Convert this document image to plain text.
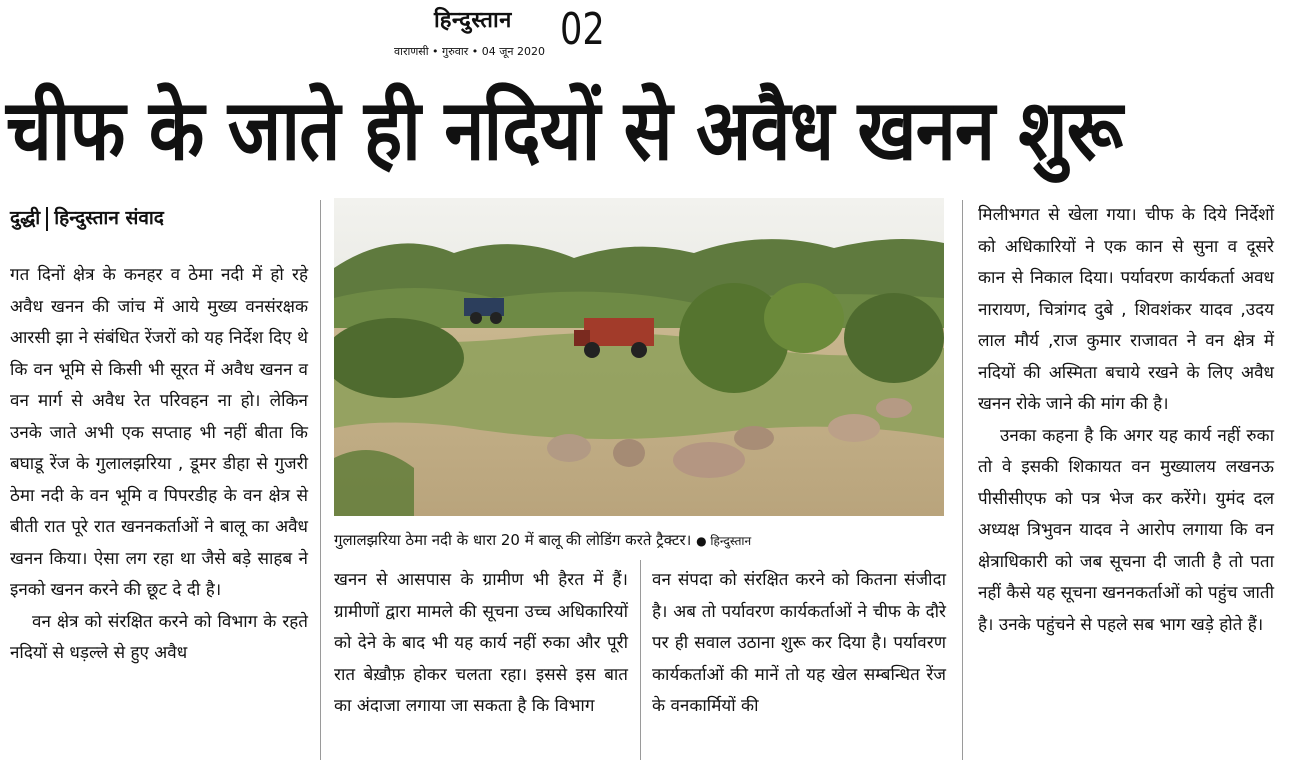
हिन्दुस्तान
वाराणसी • गुरुवार • 04 जून 2020 02
चीफ के जाते ही नदियों से अवैध खनन शुरू
दुद्धी हिन्दुस्तान संवाद

गत दिनों क्षेत्र के कनहर व ठेमा नदी में हो रहे अवैध खनन की जांच में आये मुख्य वनसंरक्षक आरसी झा ने संबंधित रेंजरों को यह निर्देश दिए थे कि वन भूमि से किसी भी सूरत में अवैध खनन व वन मार्ग से अवैध रेत परिवहन ना हो। लेकिन उनके जाते अभी एक सप्ताह भी नहीं बीता कि बघाडू रेंज के गुलालझरिया , डूमर डीहा से गुजरी ठेमा नदी के वन भूमि व पिपरडीह के वन क्षेत्र से बीती रात पूरे रात खननकर्ताओं ने बालू का अवैध खनन किया। ऐसा लग रहा था जैसे बड़े साहब ने इनको खनन करने की छूट दे दी है।

वन क्षेत्र को संरक्षित करने को विभाग के रहते नदियों से धड़ल्ले से हुए अवैध

गुलालझरिया ठेमा नदी के धारा 20 में बालू की लोडिंग करते ट्रैक्टर। ● हिन्दुस्तान

खनन से आसपास के ग्रामीण भी हैरत में हैं। ग्रामीणों द्वारा मामले की सूचना उच्च अधिकारियों को देने के बाद भी यह कार्य नहीं रुका और पूरी रात बेख़ौफ़ होकर चलता रहा। इससे इस बात का अंदाजा लगाया जा सकता है कि विभाग

वन संपदा को संरक्षित करने को कितना संजीदा है। अब तो पर्यावरण कार्यकर्ताओं ने चीफ के दौरे पर ही सवाल उठाना शुरू कर दिया है। पर्यावरण कार्यकर्ताओं की मानें तो यह खेल सम्बन्धित रेंज के वनकार्मियों की

मिलीभगत से खेला गया। चीफ के दिये निर्देशों को अधिकारियों ने एक कान से सुना व दूसरे कान से निकाल दिया। पर्यावरण कार्यकर्ता अवध नारायण, चित्रांगद दुबे , शिवशंकर यादव ,उदय लाल मौर्य ,राज कुमार राजावत ने वन क्षेत्र में नदियों की अस्मिता बचाये रखने के लिए अवैध खनन रोके जाने की मांग की है।

उनका कहना है कि अगर यह कार्य नहीं रुका तो वे इसकी शिकायत वन मुख्यालय लखनऊ पीसीसीएफ को पत्र भेज कर करेंगे। युमंद दल अध्यक्ष त्रिभुवन यादव ने आरोप लगाया कि वन क्षेत्राधिकारी को जब सूचना दी जाती है तो पता नहीं कैसे यह सूचना खननकर्ताओं को पहुंच जाती है। उनके पहुंचने से पहले सब भाग खड़े होते हैं।
